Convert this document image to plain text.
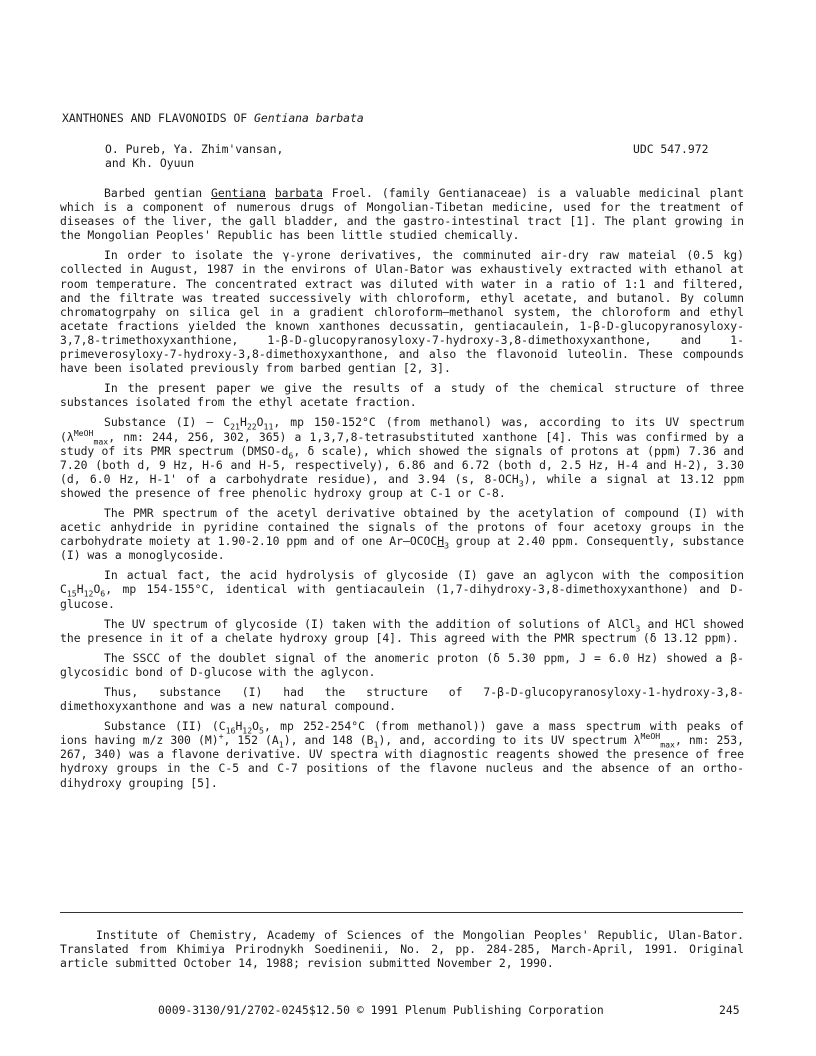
XANTHONES AND FLAVONOIDS OF Gentiana barbata
O. Pureb, Ya. Zhim'vansan,
and Kh. Oyuun
UDC 547.972

Barbed gentian Gentiana barbata Froel. (family Gentianaceae) is a valuable medicinal plant which is a component of numerous drugs of Mongolian-Tibetan medicine, used for the treatment of diseases of the liver, the gall bladder, and the gastro-intestinal tract [1]. The plant growing in the Mongolian Peoples' Republic has been little studied chemically.

In order to isolate the γ-yrone derivatives, the comminuted air-dry raw mateial (0.5 kg) collected in August, 1987 in the environs of Ulan-Bator was exhaustively extracted with ethanol at room temperature. The concentrated extract was diluted with water in a ratio of 1:1 and filtered, and the filtrate was treated successively with chloroform, ethyl acetate, and butanol. By column chromatogrpahy on silica gel in a gradient chloroform—methanol system, the chloroform and ethyl acetate fractions yielded the known xanthones decussatin, gentiacaulein, 1-β-D-glucopyranosyloxy-3,7,8-trimethoxyxanthione, 1-β-D-glucopyranosyloxy-7-hydroxy-3,8-dimethoxyxanthone, and 1-primeverosyloxy-7-hydroxy-3,8-dimethoxyxanthone, and also the flavonoid luteolin. These compounds have been isolated previously from barbed gentian [2, 3].

In the present paper we give the results of a study of the chemical structure of three substances isolated from the ethyl acetate fraction.

Substance (I) — $C_{21}H_{22}O_{11}$, mp 150-152°C (from methanol) was, according to its UV spectrum ($\lambda^{MeOH}_{max}$, nm: 244, 256, 302, 365) a 1,3,7,8-tetrasubstituted xanthone [4]. This was confirmed by a study of its PMR spectrum ($DMSO-d_6$, δ scale), which showed the signals of protons at (ppm) 7.36 and 7.20 (both d, 9 Hz, H-6 and H-5, respectively), 6.86 and 6.72 (both d, 2.5 Hz, H-4 and H-2), 3.30 (d, 6.0 Hz, H-1' of a carbohydrate residue), and 3.94 (s, $8-OCH_3$), while a signal at 13.12 ppm showed the presence of free phenolic hydroxy group at C-1 or C-8.

The PMR spectrum of the acetyl derivative obtained by the acetylation of compound (I) with acetic anhydride in pyridine contained the signals of the protons of four acetoxy groups in the carbohydrate moiety at 1.90-2.10 ppm and of one $Ar—OCOCH_3$ group at 2.40 ppm. Consequently, substance (I) was a monoglycoside.

In actual fact, the acid hydrolysis of glycoside (I) gave an aglycon with the composition $C_{15}H_{12}O_6$, mp 154-155°C, identical with gentiacaulein (1,7-dihydroxy-3,8-dimethoxyxanthone) and D-glucose.

The UV spectrum of glycoside (I) taken with the addition of solutions of AlCl$_3$ and HCl showed the presence in it of a chelate hydroxy group [4]. This agreed with the PMR spectrum (δ 13.12 ppm).

The SSCC of the doublet signal of the anomeric proton (δ 5.30 ppm, J = 6.0 Hz) showed a β-glycosidic bond of D-glucose with the aglycon.

Thus, substance (I) had the structure of 7-β-D-glucopyranosyloxy-1-hydroxy-3,8-dimethoxyxanthone and was a new natural compound.

Substance (II) ($C_{16}H_{12}O_5$, mp 252-254°C (from methanol)) gave a mass spectrum with peaks of ions having m/z 300 (M)+, 152 $(A_1)$, and 148 $(B_1)$, and, according to its UV spectrum $\lambda^{MeOH}_{max}$, nm: 253, 267, 340) was a flavone derivative. UV spectra with diagnostic reagents showed the presence of free hydroxy groups in the C-5 and C-7 positions of the flavone nucleus and the absence of an ortho-dihydroxy grouping [5].

Institute of Chemistry, Academy of Sciences of the Mongolian Peoples' Republic, Ulan-Bator. Translated from Khimiya Prirodnykh Soedinenii, No. 2, pp. 284-285, March-April, 1991. Original article submitted October 14, 1988; revision submitted November 2, 1990.

0009-3130/91/2702-0245$12.50 © 1991 Plenum Publishing Corporation	245
